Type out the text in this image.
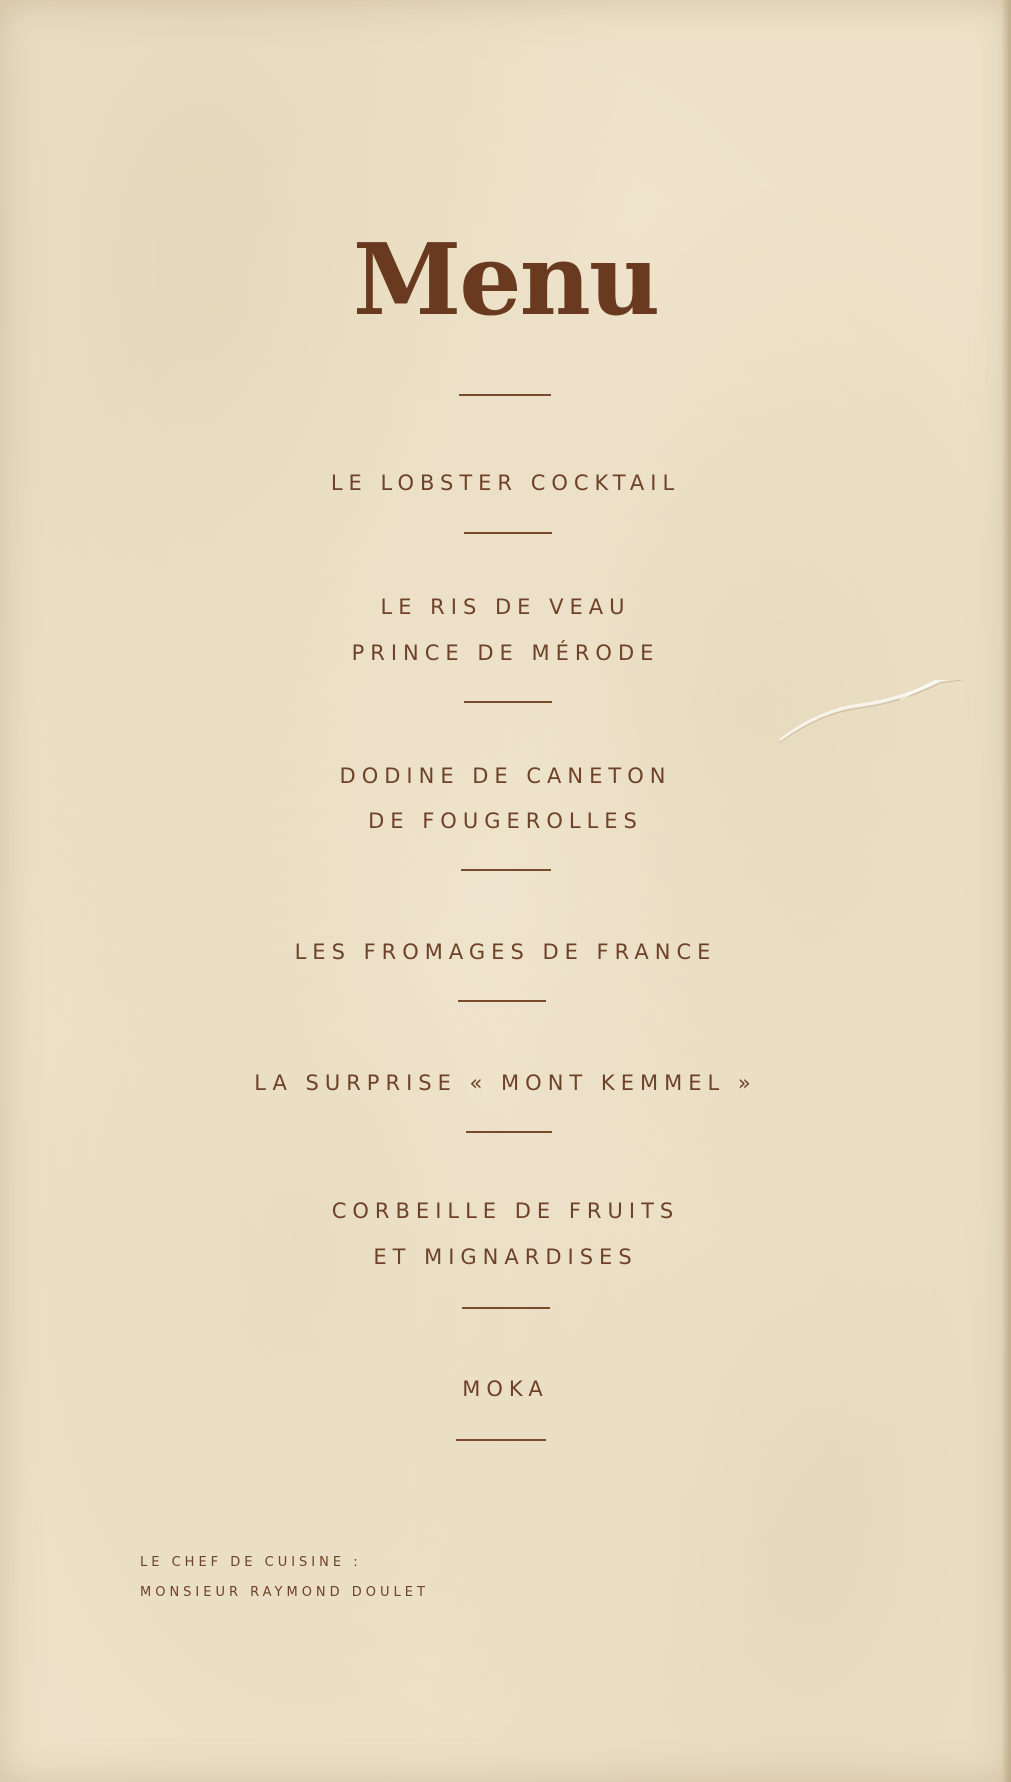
Menu
LE LOBSTER COCKTAIL
LE RIS DE VEAU
PRINCE DE MÉRODE
DODINE DE CANETON
DE FOUGEROLLES
LES FROMAGES DE FRANCE
LA SURPRISE « MONT KEMMEL »
CORBEILLE DE FRUITS
ET MIGNARDISES
MOKA
LE CHEF DE CUISINE :
MONSIEUR RAYMOND DOULET
